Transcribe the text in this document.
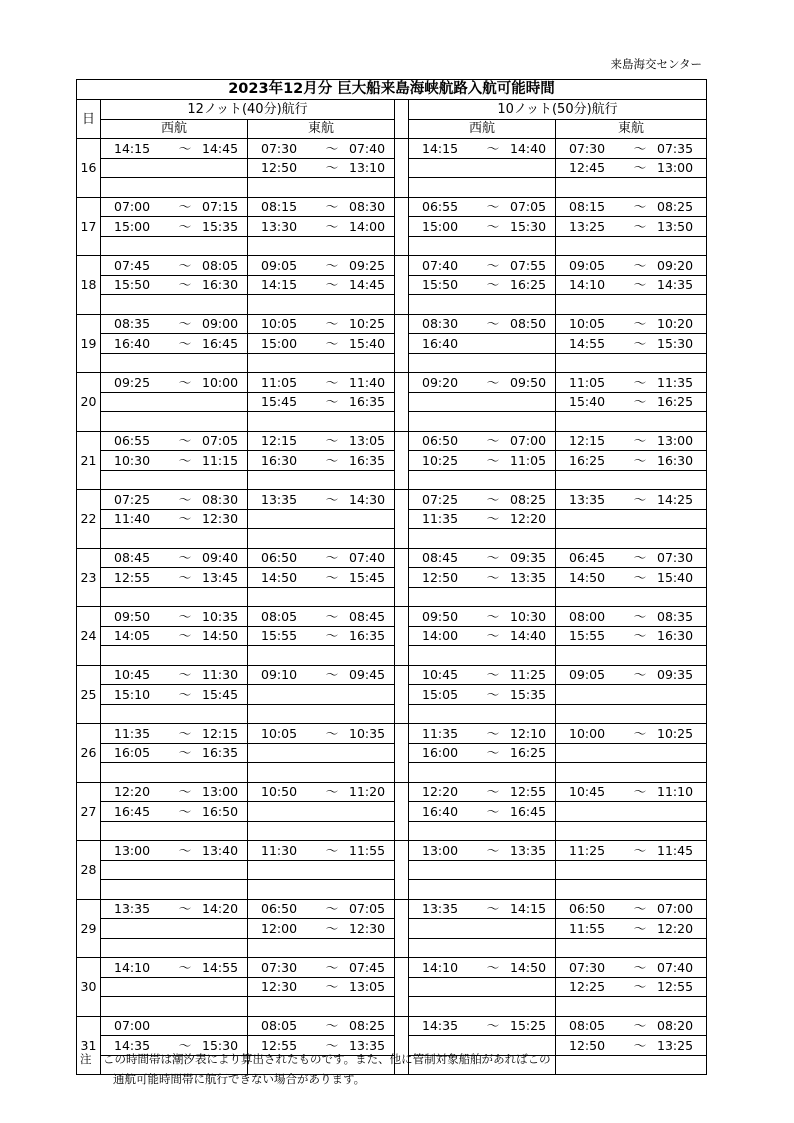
来島海交センター
2023年12月分 巨大船来島海峡航路入航可能時間					
日	12ノット(40分)航行			10ノット(50分)航行	
	西航	東航		西航	東航
16	14:15 ～ 14:45	07:30 ～ 07:40		14:15 ～ 14:40	07:30 ～ 07:35
		12:50 ～ 13:10			12:45 ～ 13:00

17	07:00 ～ 07:15	08:15 ～ 08:30		06:55 ～ 07:05	08:15 ～ 08:25
	15:00 ～ 15:35	13:30 ～ 14:00		15:00 ～ 15:30	13:25 ～ 13:50

18	07:45 ～ 08:05	09:05 ～ 09:25		07:40 ～ 07:55	09:05 ～ 09:20
	15:50 ～ 16:30	14:15 ～ 14:45		15:50 ～ 16:25	14:10 ～ 14:35

19	08:35 ～ 09:00	10:05 ～ 10:25		08:30 ～ 08:50	10:05 ～ 10:20
	16:40 ～ 16:45	15:00 ～ 15:40		16:40	14:55 ～ 15:30

20	09:25 ～ 10:00	11:05 ～ 11:40		09:20 ～ 09:50	11:05 ～ 11:35
		15:45 ～ 16:35			15:40 ～ 16:25

21	06:55 ～ 07:05	12:15 ～ 13:05		06:50 ～ 07:00	12:15 ～ 13:00
	10:30 ～ 11:15	16:30 ～ 16:35		10:25 ～ 11:05	16:25 ～ 16:30

22	07:25 ～ 08:30	13:35 ～ 14:30		07:25 ～ 08:25	13:35 ～ 14:25
	11:40 ～ 12:30			11:35 ～ 12:20	

23	08:45 ～ 09:40	06:50 ～ 07:40		08:45 ～ 09:35	06:45 ～ 07:30
	12:55 ～ 13:45	14:50 ～ 15:45		12:50 ～ 13:35	14:50 ～ 15:40

24	09:50 ～ 10:35	08:05 ～ 08:45		09:50 ～ 10:30	08:00 ～ 08:35
	14:05 ～ 14:50	15:55 ～ 16:35		14:00 ～ 14:40	15:55 ～ 16:30

25	10:45 ～ 11:30	09:10 ～ 09:45		10:45 ～ 11:25	09:05 ～ 09:35
	15:10 ～ 15:45			15:05 ～ 15:35	

26	11:35 ～ 12:15	10:05 ～ 10:35		11:35 ～ 12:10	10:00 ～ 10:25
	16:05 ～ 16:35			16:00 ～ 16:25	

27	12:20 ～ 13:00	10:50 ～ 11:20		12:20 ～ 12:55	10:45 ～ 11:10
	16:45 ～ 16:50			16:40 ～ 16:45	

28	13:00 ～ 13:40	11:30 ～ 11:55		13:00 ～ 13:35	11:25 ～ 11:45

29	13:35 ～ 14:20	06:50 ～ 07:05		13:35 ～ 14:15	06:50 ～ 07:00
		12:00 ～ 12:30			11:55 ～ 12:20

30	14:10 ～ 14:55	07:30 ～ 07:45		14:10 ～ 14:50	07:30 ～ 07:40
		12:30 ～ 13:05			12:25 ～ 12:55

31	07:00	08:05 ～ 08:25		14:35 ～ 15:25	08:05 ～ 08:20
	14:35 ～ 15:30	12:55 ～ 13:35			12:50 ～ 13:25

注　この時間帯は潮汐表により算出されたものです。また、他に管制対象船舶があればこの
通航可能時間帯に航行できない場合があります。
